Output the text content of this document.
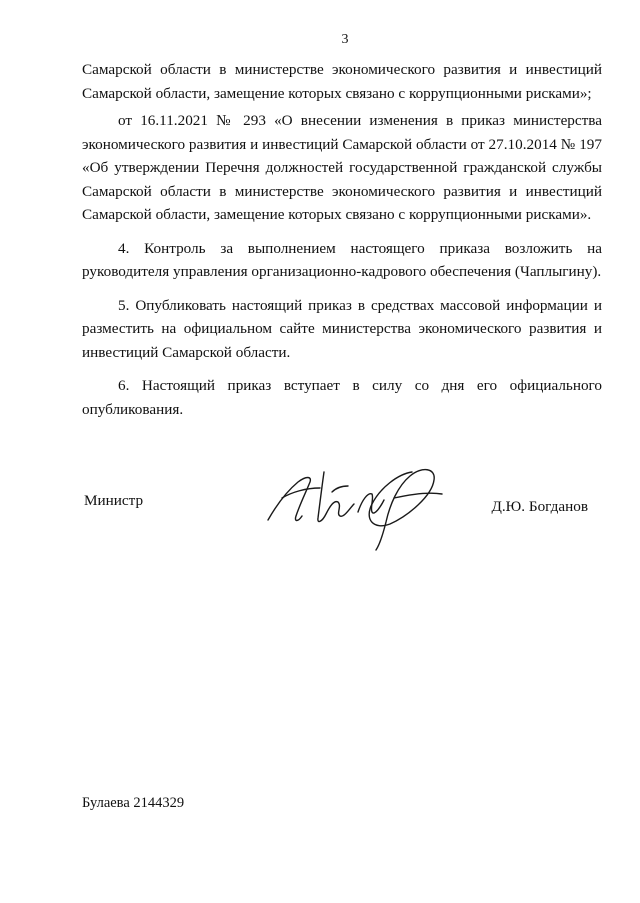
3

Самарской области в министерстве экономического развития и инвестиций Самарской области, замещение которых связано с коррупционными рисками»;

от 16.11.2021 № 293 «О внесении изменения в приказ министерства экономического развития и инвестиций Самарской области от 27.10.2014 № 197 «Об утверждении Перечня должностей государственной гражданской службы Самарской области в министерстве экономического развития и инвестиций Самарской области, замещение которых связано с коррупционными рисками».

4. Контроль за выполнением настоящего приказа возложить на руководителя управления организационно-кадрового обеспечения (Чаплыгину).

5. Опубликовать настоящий приказ в средствах массовой информации и разместить на официальном сайте министерства экономического развития и инвестиций Самарской области.

6. Настоящий приказ вступает в силу со дня его официального опубликования.

Министр	Д.Ю. Богданов
Булаева 2144329
